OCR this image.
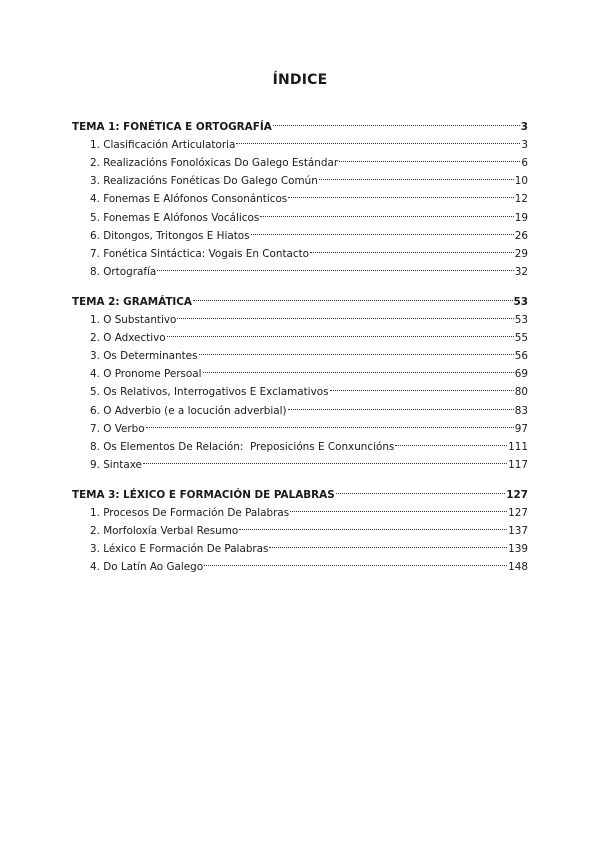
ÍNDICE
TEMA 1: FONÉTICA E ORTOGRAFÍA	3
1. Clasificación Articulatoria	3
2. Realizacións Fonolóxicas Do Galego Estándar	6
3. Realizacións Fonéticas Do Galego Común	10
4. Fonemas E Alófonos Consonánticos	12
5. Fonemas E Alófonos Vocálicos	19
6. Ditongos, Tritongos E Hiatos	26
7. Fonética Sintáctica: Vogais En Contacto	29
8. Ortografía	32
TEMA 2: GRAMÁTICA	53
1. O Substantivo	53
2. O Adxectivo	55
3. Os Determinantes	56
4. O Pronome Persoal	69
5. Os Relativos, Interrogativos E Exclamativos	80
6. O Adverbio (e a locución adverbial)	83
7. O Verbo	97
8. Os Elementos De Relación:  Preposicións E Conxuncións	111
9. Sintaxe	117
TEMA 3: LÉXICO E FORMACIÓN DE PALABRAS	127
1. Procesos De Formación De Palabras	127
2. Morfoloxía Verbal Resumo	137
3. Léxico E Formación De Palabras	139
4. Do Latín Ao Galego	148
